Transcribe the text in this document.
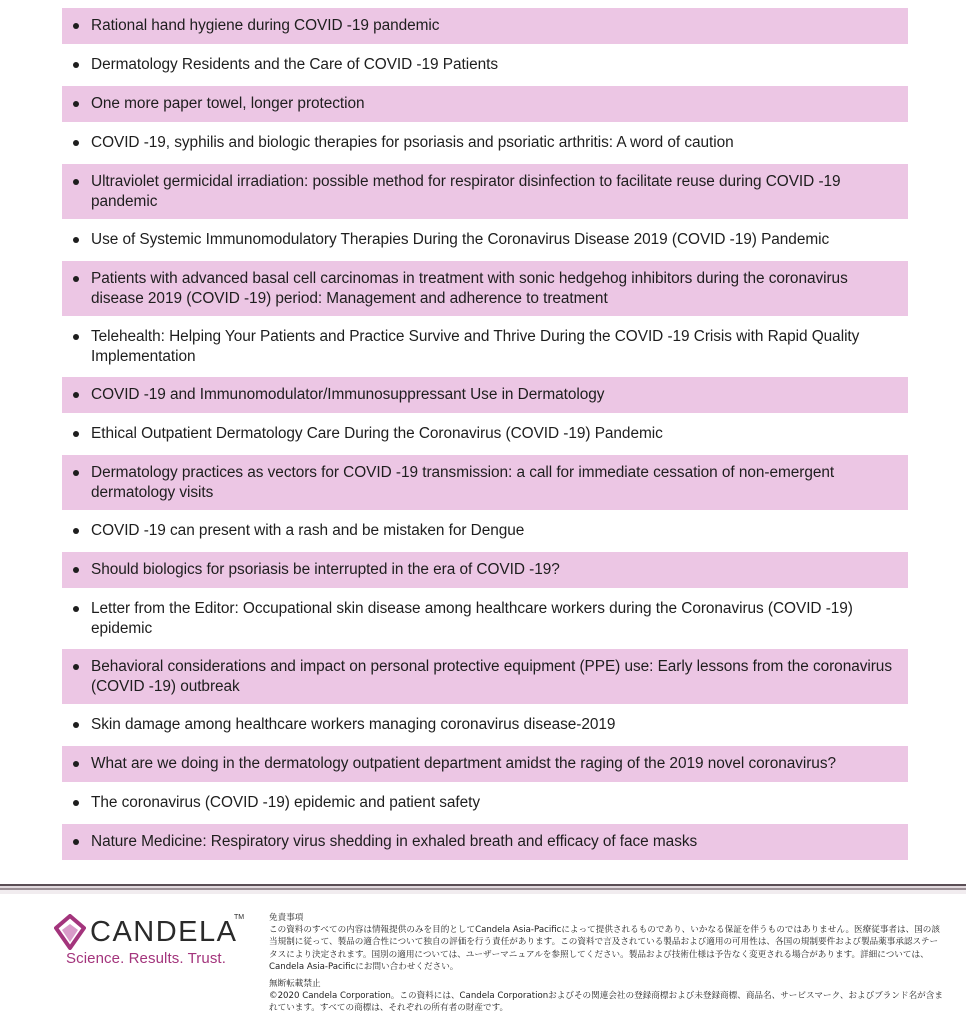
Rational hand hygiene during COVID -19 pandemic
Dermatology Residents and the Care of COVID -19 Patients
One more paper towel, longer protection
COVID -19, syphilis and biologic therapies for psoriasis and psoriatic arthritis: A word of caution
Ultraviolet germicidal irradiation: possible method for respirator disinfection to facilitate reuse during COVID -19 pandemic
Use of Systemic Immunomodulatory Therapies During the Coronavirus Disease 2019 (COVID -19) Pandemic
Patients with advanced basal cell carcinomas in treatment with sonic hedgehog inhibitors during the coronavirus disease 2019 (COVID -19) period: Management and adherence to treatment
Telehealth: Helping Your Patients and Practice Survive and Thrive During the COVID -19 Crisis with Rapid Quality Implementation
COVID -19 and Immunomodulator/Immunosuppressant Use in Dermatology
Ethical Outpatient Dermatology Care During the Coronavirus (COVID -19) Pandemic
Dermatology practices as vectors for COVID -19 transmission: a call for immediate cessation of non-emergent dermatology visits
COVID -19 can present with a rash and be mistaken for Dengue
Should biologics for psoriasis be interrupted in the era of COVID -19?
Letter from the Editor: Occupational skin disease among healthcare workers during the Coronavirus (COVID -19) epidemic
Behavioral considerations and impact on personal protective equipment (PPE) use: Early lessons from the coronavirus (COVID -19) outbreak
Skin damage among healthcare workers managing coronavirus disease-2019
What are we doing in the dermatology outpatient department amidst the raging of the 2019 novel coronavirus?
The coronavirus (COVID -19) epidemic and patient safety
Nature Medicine: Respiratory virus shedding in exhaled breath and efficacy of face masks
CANDELA
TM
Science. Results. Trust.

免責事項

この資料のすべての内容は情報提供のみを目的としてCandela Asia-Pacificによって提供されるものであり、いかなる保証を伴うものではありません。医療従事者は、国の該当規制に従って、製品の適合性について独自の評価を行う責任があります。この資料で言及されている製品および適用の可用性は、各国の規制要件および製品薬事承認ステータスにより決定されます。国別の適用については、ユーザーマニュアルを参照してください。製品および技術仕様は予告なく変更される場合があります。詳細については、Candela Asia-Pacificにお問い合わせください。

無断転載禁止

©2020 Candela Corporation。この資料には、Candela Corporationおよびその関連会社の登録商標および未登録商標、商品名、サービスマーク、およびブランド名が含まれています。すべての商標は、それぞれの所有者の財産です。
